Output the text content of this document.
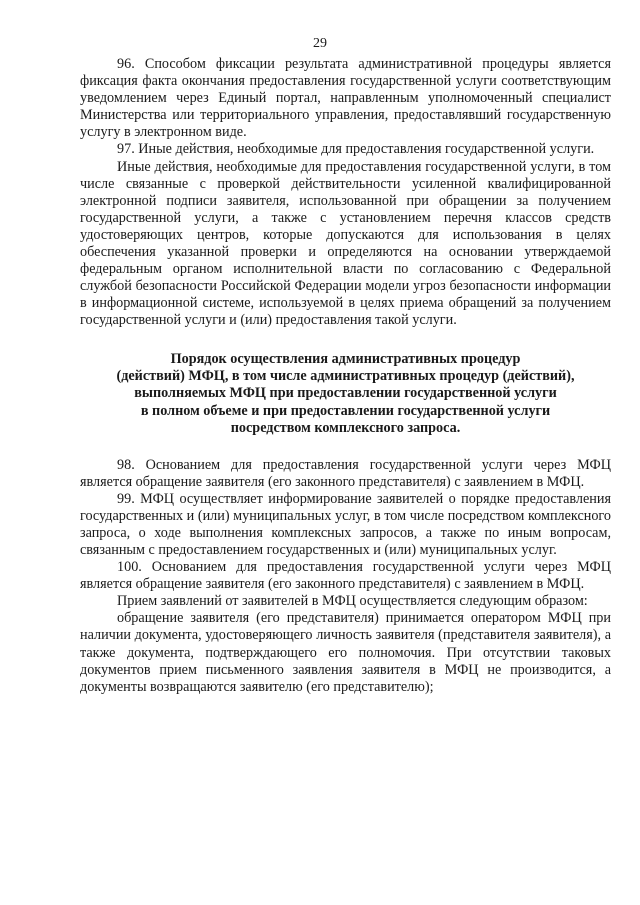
29

96. Способом фиксации результата административной процедуры является фиксация факта окончания предоставления государственной услуги соответствующим уведомлением через Единый портал, направленным уполномоченный специалист Министерства или территориального управления, предоставлявший государственную услугу в электронном виде.

97. Иные действия, необходимые для предоставления государственной услуги.

Иные действия, необходимые для предоставления государственной услуги, в том числе связанные с проверкой действительности усиленной квалифицированной электронной подписи заявителя, использованной при обращении за получением государственной услуги, а также с установлением перечня классов средств удостоверяющих центров, которые допускаются для использования в целях обеспечения указанной проверки и определяются на основании утверждаемой федеральным органом исполнительной власти по согласованию с Федеральной службой безопасности Российской Федерации модели угроз безопасности информации в информационной системе, используемой в целях приема обращений за получением государственной услуги и (или) предоставления такой услуги.

Порядок осуществления административных процедур
(действий) МФЦ, в том числе административных процедур (действий),
выполняемых МФЦ при предоставлении государственной услуги
в полном объеме и при предоставлении государственной услуги
посредством комплексного запроса.

98. Основанием для предоставления государственной услуги через МФЦ является обращение заявителя (его законного представителя) с заявлением в МФЦ.

99. МФЦ осуществляет информирование заявителей о порядке предоставления государственных и (или) муниципальных услуг, в том числе посредством комплексного запроса, о ходе выполнения комплексных запросов, а также по иным вопросам, связанным с предоставлением государственных и (или) муниципальных услуг.

100. Основанием для предоставления государственной услуги через МФЦ является обращение заявителя (его законного представителя) с заявлением в МФЦ.

Прием заявлений от заявителей в МФЦ осуществляется следующим образом:

обращение заявителя (его представителя) принимается оператором МФЦ при наличии документа, удостоверяющего личность заявителя (представителя заявителя), а также документа, подтверждающего его полномочия. При отсутствии таковых документов прием письменного заявления заявителя в МФЦ не производится, а документы возвращаются заявителю (его представителю);
